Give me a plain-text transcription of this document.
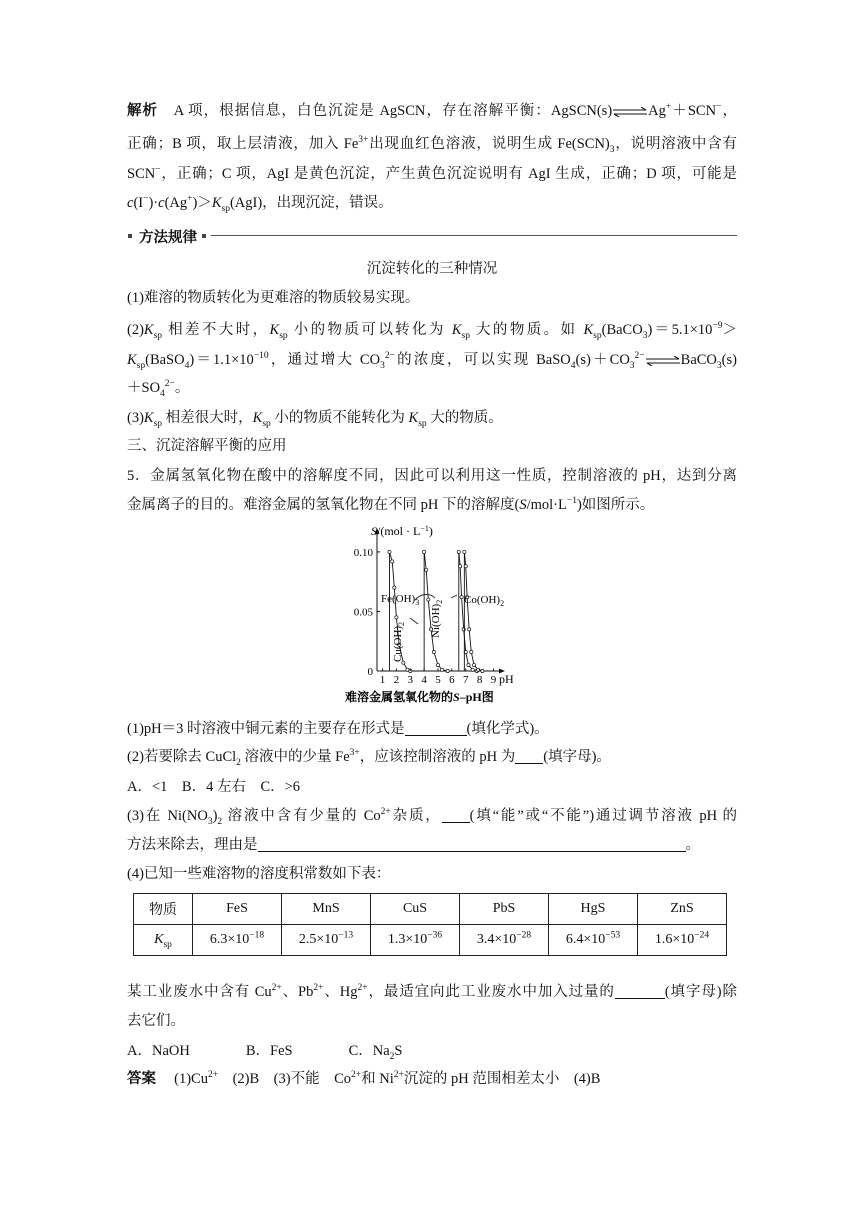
解析　 A 项，根据信息，白色沉淀是 AgSCN，存在溶解平衡：AgSCN(s)⇌Ag+＋SCN−，
正确；B 项，取上层清液，加入 $Fe^{3+}$出现血红色溶液，说明生成 $Fe(SCN)_3$，说明溶液中含有
SCN−，正确；C 项，AgI 是黄色沉淀，产生黄色沉淀说明有 AgI 生成，正确；D 项，可能是
$c(I^-)\cdot c(Ag^+)>K_{sp}(AgI)$，出现沉淀，错误。
方法规律
沉淀转化的三种情况
(1)难溶的物质转化为更难溶的物质较易实现。
$(2)K_{sp}$ 相差不大时，$K_{sp}$ 小的物质可以转化为 $K_{sp}$ 大的物质。如 $K_{sp}(BaCO_3)=5.1\times 10^{-9}>$
$K_{sp}(BaSO_4)=1.1\times 10^{-10}$，通过增大 $CO_3^{2-}$的浓度，可以实现 $BaSO_4(s)+CO_3^{2-}\rightleftharpoons BaCO_3(s)$
$+SO_4^{2-}$。
$(3)K_{sp}$ 相差很大时，$K_{sp}$ 小的物质不能转化为 $K_{sp}$ 大的物质。
三、沉淀溶解平衡的应用
5．金属氢氧化物在酸中的溶解度不同，因此可以利用这一性质，控制溶液的 pH，达到分离
金属离子的目的。难溶金属的氢氧化物在不同 pH 下的溶解度$(S/mol\cdot L^{-1})$如图所示。
0.10
0.05
0
1 2 3 4 5 6 7 8 9
$S/(mol \cdot L^{-1})$
pH
$Fe(OH)_3$
$Cu(OH)_2$ $Ni(OH)_2$ $Co(OH)_2$
难溶金属氢氧化物的S–pH图
(1)pH＝3 时溶液中铜元素的主要存在形式是	(填化学式)。
(2)若要除去 CuCl$_2$ 溶液中的少量 $Fe^{3+}$，应该控制溶液的 pH 为 (填字母)。
A．<1　B．4 左右　C．>6
(3)在 $Ni(NO_3)_2$ 溶液中含有少量的 $Co^{2+}$杂质， (填“能”或“不能”)通过调节溶液 pH 的
方法来除去，理由是	。
(4)已知一些难溶物的溶度积常数如下表：
物质	FeS	MnS	CuS	PbS	HgS	ZnS
$K_{sp}$	$6.3\times 10^{-18}$	$2.5\times 10^{-13}$	$1.3\times 10^{-36}$	$3.4\times 10^{-28}$	$6.4\times 10^{-53}$	$1.6\times 10^{-24}$
某工业废水中含有 $Cu^{2+}$、$Pb^{2+}$、$Hg^{2+}$，最适宜向此工业废水中加入过量的	(填字母)除
去它们。
A．NaOH	B．FeS	C．$Na_2S$
答案　 $(1)Cu^{2+}$　 (2)B　 (3)不能　 $Co^{2+}$和 $Ni^{2+}$沉淀的 pH 范围相差太小　 (4)B
